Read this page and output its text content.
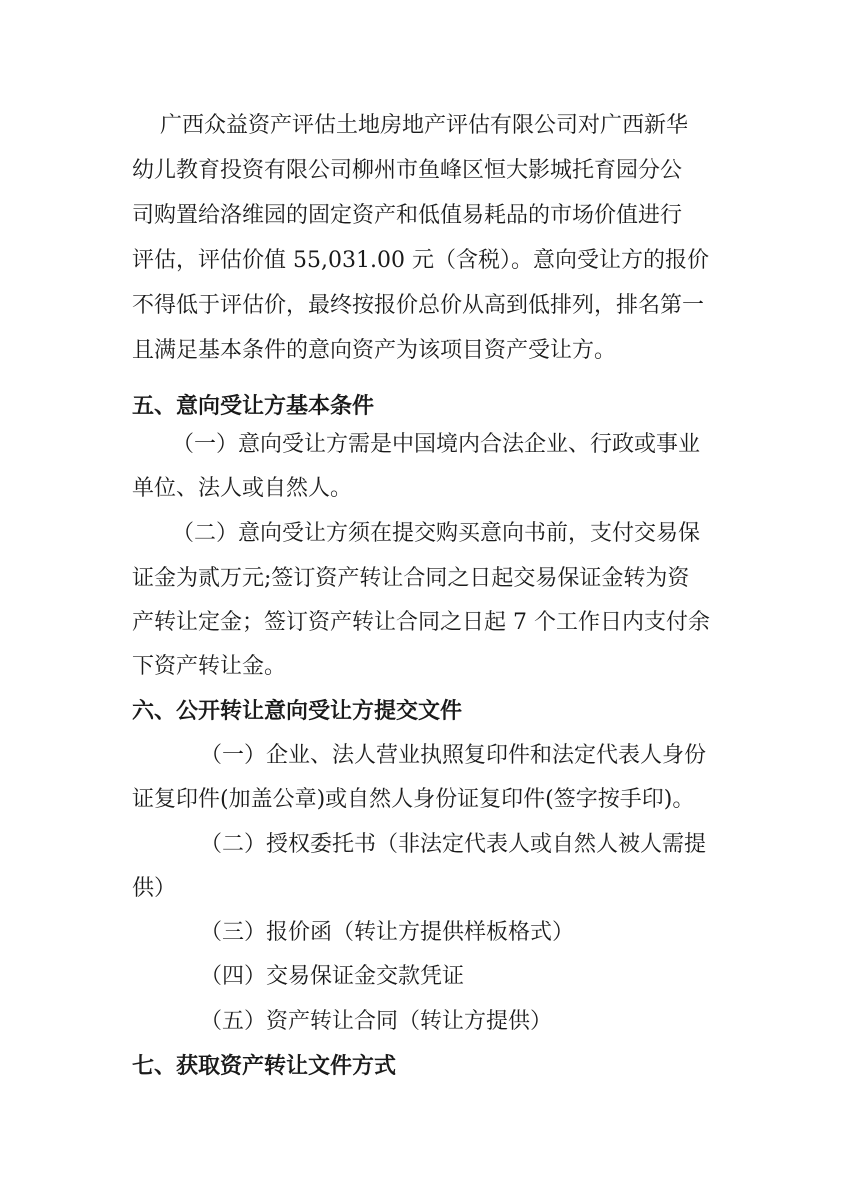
广西众益资产评估土地房地产评估有限公司对广西新华
幼儿教育投资有限公司柳州市鱼峰区恒大影城托育园分公
司购置给洛维园的固定资产和低值易耗品的市场价值进行
评估，评估价值 55,031.00 元（含税）。意向受让方的报价
不得低于评估价，最终按报价总价从高到低排列，排名第一
且满足基本条件的意向资产为该项目资产受让方。
五、意向受让方基本条件
（一）意向受让方需是中国境内合法企业、行政或事业
单位、法人或自然人。
（二）意向受让方须在提交购买意向书前，支付交易保
证金为贰万元;签订资产转让合同之日起交易保证金转为资
产转让定金；签订资产转让合同之日起 7 个工作日内支付余
下资产转让金。
六、公开转让意向受让方提交文件
（一）企业、法人营业执照复印件和法定代表人身份
证复印件(加盖公章)或自然人身份证复印件(签字按手印)。
（二）授权委托书（非法定代表人或自然人被人需提
供）
（三）报价函（转让方提供样板格式）
（四）交易保证金交款凭证
（五）资产转让合同（转让方提供）
七、获取资产转让文件方式
